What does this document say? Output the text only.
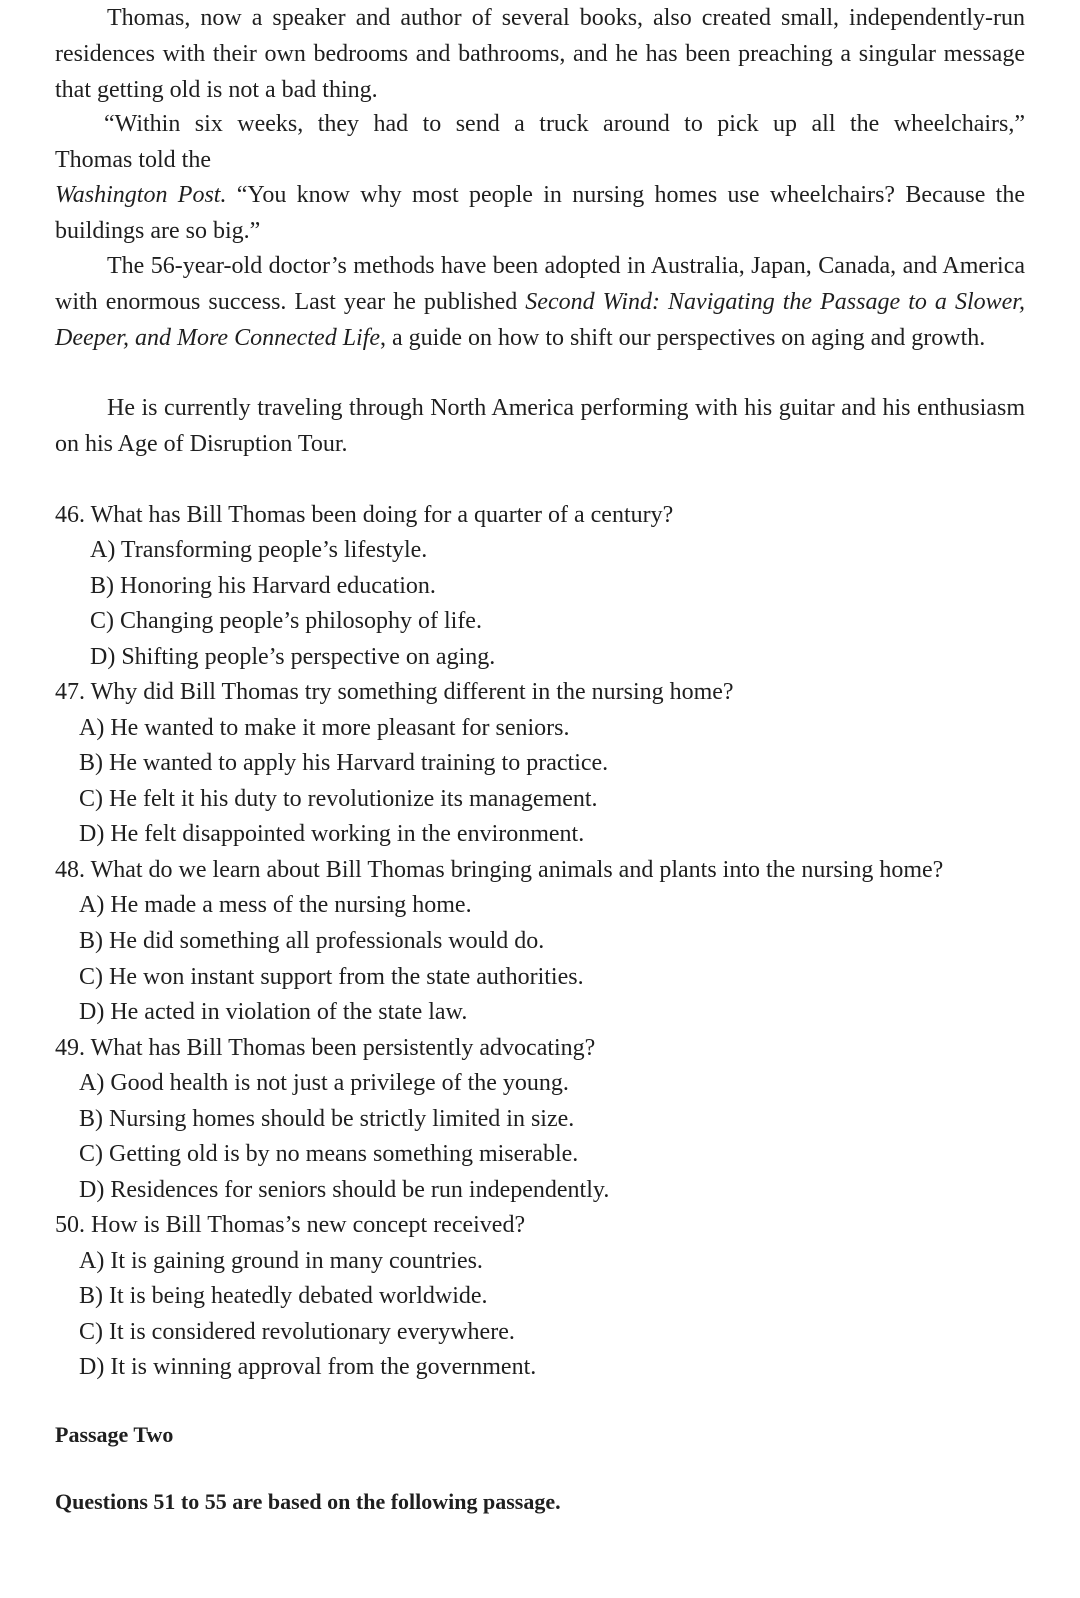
Thomas, now a speaker and author of several books, also created small, independently-run residences with their own bedrooms and bathrooms, and he has been preaching a singular message that getting old is not a bad thing.

“Within six weeks, they had to send a truck around to pick up all the wheelchairs,”

Thomas told the

Washington Post. “You know why most people in nursing homes use wheelchairs? Because the buildings are so big.”

The 56-year-old doctor’s methods have been adopted in Australia, Japan, Canada, and America with enormous success. Last year he published Second Wind: Navigating the Passage to a Slower, Deeper, and More Connected Life, a guide on how to shift our perspectives on aging and growth.

He is currently traveling through North America performing with his guitar and his enthusiasm on his Age of Disruption Tour.

46. What has Bill Thomas been doing for a quarter of a century?

A) Transforming people’s lifestyle.

B) Honoring his Harvard education.

C) Changing people’s philosophy of life.

D) Shifting people’s perspective on aging.

47. Why did Bill Thomas try something different in the nursing home?

A) He wanted to make it more pleasant for seniors.

B) He wanted to apply his Harvard training to practice.

C) He felt it his duty to revolutionize its management.

D) He felt disappointed working in the environment.

48. What do we learn about Bill Thomas bringing animals and plants into the nursing home?

A) He made a mess of the nursing home.

B) He did something all professionals would do.

C) He won instant support from the state authorities.

D) He acted in violation of the state law.

49. What has Bill Thomas been persistently advocating?

A) Good health is not just a privilege of the young.

B) Nursing homes should be strictly limited in size.

C) Getting old is by no means something miserable.

D) Residences for seniors should be run independently.

50. How is Bill Thomas’s new concept received?

A) It is gaining ground in many countries.

B) It is being heatedly debated worldwide.

C) It is considered revolutionary everywhere.

D) It is winning approval from the government.

Passage Two

Questions 51 to 55 are based on the following passage.
